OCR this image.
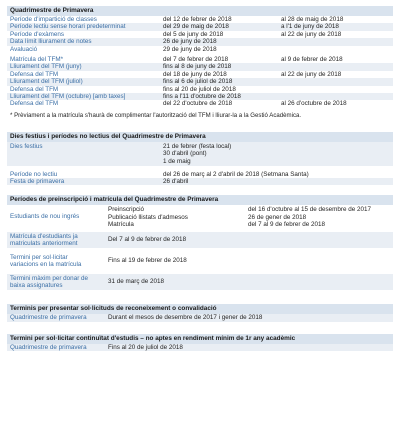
Quadrimestre de Primavera
Període d'impartició de classes	del 12 de febrer de 2018	al 28 de maig de 2018
Període lectiu sense horari predeterminat	del 29 de maig de 2018	a l'1 de juny de 2018
Període d'exàmens	del 5 de juny de 2018	al 22 de juny de 2018
Data límit lliurament de notes	26 de juny de 2018
Avaluació	29 de juny de 2018
Matrícula del TFM*	del 7 de febrer de 2018	al 9 de febrer de 2018
Lliurament del TFM (juny)	fins al 8 de juny de 2018
Defensa del TFM	del 18 de juny de 2018	al 22 de juny de 2018
Lliurament del TFM (juliol)	fins al 6 de juliol de 2018
Defensa del TFM	fins al 20 de juliol de 2018
Lliurament del TFM (octubre) [amb taxes]	fins a l'11 d'octubre de 2018
Defensa del TFM	del 22 d'octubre de 2018	al 26 d'octubre de 2018
* Prèviament a la matrícula s'haurà de complimentar l'autorització del TFM i lliurar-la a la Gestió Acadèmica.
Dies festius i períodes no lectius del Quadrimestre de Primavera
Dies festius	21 de febrer (festa local)
30 d'abril (pont)
1 de maig
Període no lectiu	del 26 de març al 2 d'abril de 2018 (Setmana Santa)
Festa de primavera	26 d'abril
Períodes de preinscripció i matrícula del Quadrimestre de Primavera
Estudiants de nou ingrés
Preinscripció	del 16 d'octubre al 15 de desembre de 2017
Publicació llistats d'admesos	26 de gener de 2018
Matrícula	del 7 al 9 de febrer de 2018
Matrícula d'estudiants ja
matriculats anteriorment
Del 7 al 9 de febrer de 2018
Termini per sol·licitar
variacions en la matrícula
Fins al 19 de febrer de 2018
Termini màxim per donar de
baixa assignatures
31 de març de 2018
Terminis per presentar sol·licituds de reconeixement o convalidació
Quadrimestre de primavera	Durant el mesos de desembre de 2017 i gener de 2018
Termini per sol·licitar continuïtat d'estudis – no aptes en rendiment mínim de 1r any acadèmic
Quadrimestre de primavera	Fins al 20 de juliol de 2018
